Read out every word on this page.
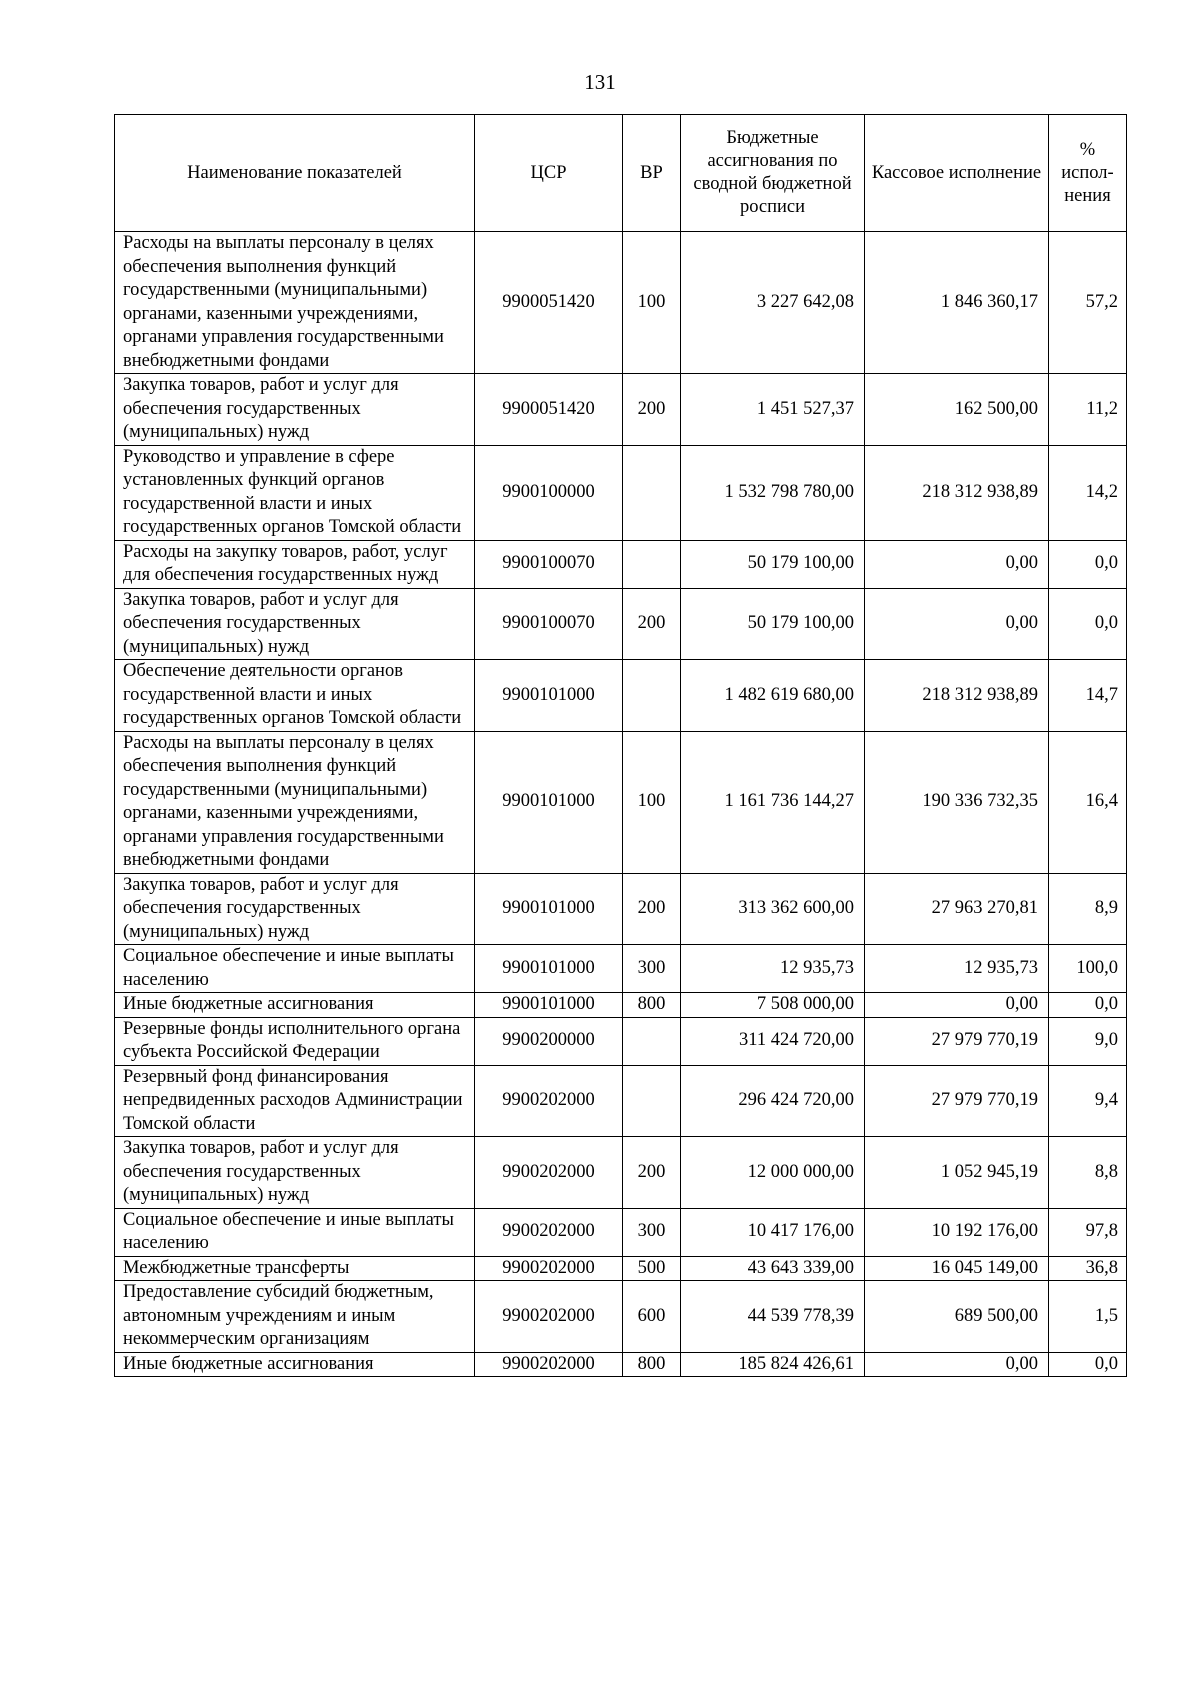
131
Наименование показателей	ЦСР	ВР	Бюджетные ассигнования по сводной бюджетной росписи	Кассовое исполнение	% испол-нения
Расходы на выплаты персоналу в целях обеспечения выполнения функций государственными (муниципальными) органами, казенными учреждениями, органами управления государственными внебюджетными фондами	9900051420	100	3 227 642,08	1 846 360,17	57,2
Закупка товаров, работ и услуг для обеспечения государственных (муниципальных) нужд	9900051420	200	1 451 527,37	162 500,00	11,2
Руководство и управление в сфере установленных функций органов государственной власти и иных государственных органов Томской области	9900100000		1 532 798 780,00	218 312 938,89	14,2
Расходы на закупку товаров, работ, услуг для обеспечения государственных нужд	9900100070		50 179 100,00	0,00	0,0
Закупка товаров, работ и услуг для обеспечения государственных (муниципальных) нужд	9900100070	200	50 179 100,00	0,00	0,0
Обеспечение деятельности органов государственной власти и иных государственных органов Томской области	9900101000		1 482 619 680,00	218 312 938,89	14,7
Расходы на выплаты персоналу в целях обеспечения выполнения функций государственными (муниципальными) органами, казенными учреждениями, органами управления государственными внебюджетными фондами	9900101000	100	1 161 736 144,27	190 336 732,35	16,4
Закупка товаров, работ и услуг для обеспечения государственных (муниципальных) нужд	9900101000	200	313 362 600,00	27 963 270,81	8,9
Социальное обеспечение и иные выплаты населению	9900101000	300	12 935,73	12 935,73	100,0
Иные бюджетные ассигнования	9900101000	800	7 508 000,00	0,00	0,0
Резервные фонды исполнительного органа субъекта Российской Федерации	9900200000		311 424 720,00	27 979 770,19	9,0
Резервный фонд финансирования непредвиденных расходов Администрации Томской области	9900202000		296 424 720,00	27 979 770,19	9,4
Закупка товаров, работ и услуг для обеспечения государственных (муниципальных) нужд	9900202000	200	12 000 000,00	1 052 945,19	8,8
Социальное обеспечение и иные выплаты населению	9900202000	300	10 417 176,00	10 192 176,00	97,8
Межбюджетные трансферты	9900202000	500	43 643 339,00	16 045 149,00	36,8
Предоставление субсидий бюджетным, автономным учреждениям и иным некоммерческим организациям	9900202000	600	44 539 778,39	689 500,00	1,5
Иные бюджетные ассигнования	9900202000	800	185 824 426,61	0,00	0,0
